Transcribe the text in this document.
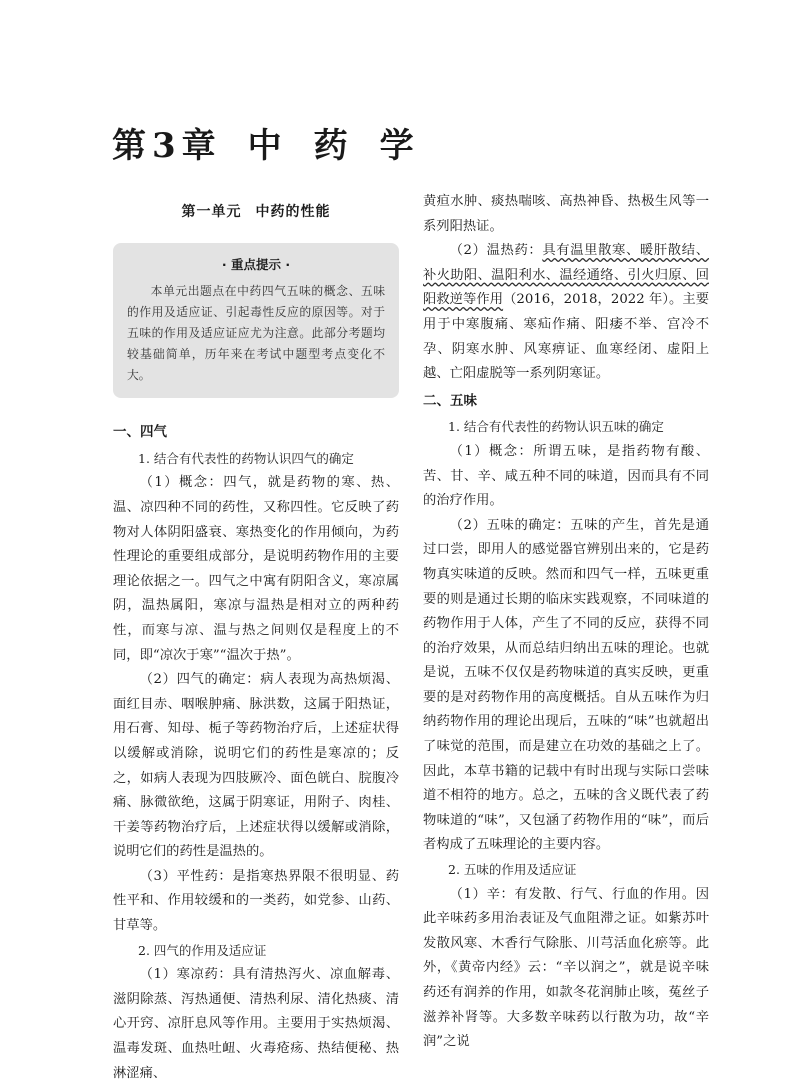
第 3 章 中 药 学
第一单元 中药的性能
· 重点提示 ·
本单元出题点在中药四气五味的概念、五味的作用及适应证、引起毒性反应的原因等。对于五味的作用及适应证应尤为注意。此部分考题均较基础简单，历年来在考试中题型考点变化不大。
一、四气

1. 结合有代表性的药物认识四气的确定

（1）概念：四气，就是药物的寒、热、温、凉四种不同的药性，又称四性。它反映了药物对人体阴阳盛衰、寒热变化的作用倾向，为药性理论的重要组成部分，是说明药物作用的主要理论依据之一。四气之中寓有阴阳含义，寒凉属阴，温热属阳，寒凉与温热是相对立的两种药性，而寒与凉、温与热之间则仅是程度上的不同，即“凉次于寒”“温次于热”。

（2）四气的确定：病人表现为高热烦渴、面红目赤、咽喉肿痛、脉洪数，这属于阳热证，用石膏、知母、栀子等药物治疗后，上述症状得以缓解或消除，说明它们的药性是寒凉的；反之，如病人表现为四肢厥冷、面色㿠白、脘腹冷痛、脉微欲绝，这属于阴寒证，用附子、肉桂、干姜等药物治疗后，上述症状得以缓解或消除，说明它们的药性是温热的。

（3）平性药：是指寒热界限不很明显、药性平和、作用较缓和的一类药，如党参、山药、甘草等。

2. 四气的作用及适应证

（1）寒凉药：具有清热泻火、凉血解毒、滋阴除蒸、泻热通便、清热利尿、清化热痰、清心开窍、凉肝息风等作用。主要用于实热烦渴、温毒发斑、血热吐衄、火毒疮疡、热结便秘、热淋涩痛、

黄疸水肿、痰热喘咳、高热神昏、热极生风等一系列阳热证。

（2）温热药：具有温里散寒、暖肝散结、补火助阳、温阳利水、温经通络、引火归原、回阳救逆等作用（2016，2018，2022 年）。主要用于中寒腹痛、寒疝作痛、阳痿不举、宫冷不孕、阴寒水肿、风寒痹证、血寒经闭、虚阳上越、亡阳虚脱等一系列阴寒证。

二、五味

1. 结合有代表性的药物认识五味的确定

（1）概念：所谓五味，是指药物有酸、苦、甘、辛、咸五种不同的味道，因而具有不同的治疗作用。

（2）五味的确定：五味的产生，首先是通过口尝，即用人的感觉器官辨别出来的，它是药物真实味道的反映。然而和四气一样，五味更重要的则是通过长期的临床实践观察，不同味道的药物作用于人体，产生了不同的反应，获得不同的治疗效果，从而总结归纳出五味的理论。也就是说，五味不仅仅是药物味道的真实反映，更重要的是对药物作用的高度概括。自从五味作为归纳药物作用的理论出现后，五味的“味”也就超出了味觉的范围，而是建立在功效的基础之上了。因此，本草书籍的记载中有时出现与实际口尝味道不相符的地方。总之，五味的含义既代表了药物味道的“味”，又包涵了药物作用的“味”，而后者构成了五味理论的主要内容。

2. 五味的作用及适应证

（1）辛：有发散、行气、行血的作用。因此辛味药多用治表证及气血阻滞之证。如紫苏叶发散风寒、木香行气除胀、川芎活血化瘀等。此外，《黄帝内经》云：“辛以润之”，就是说辛味药还有润养的作用，如款冬花润肺止咳，菟丝子滋养补肾等。大多数辛味药以行散为功，故“辛润”之说
